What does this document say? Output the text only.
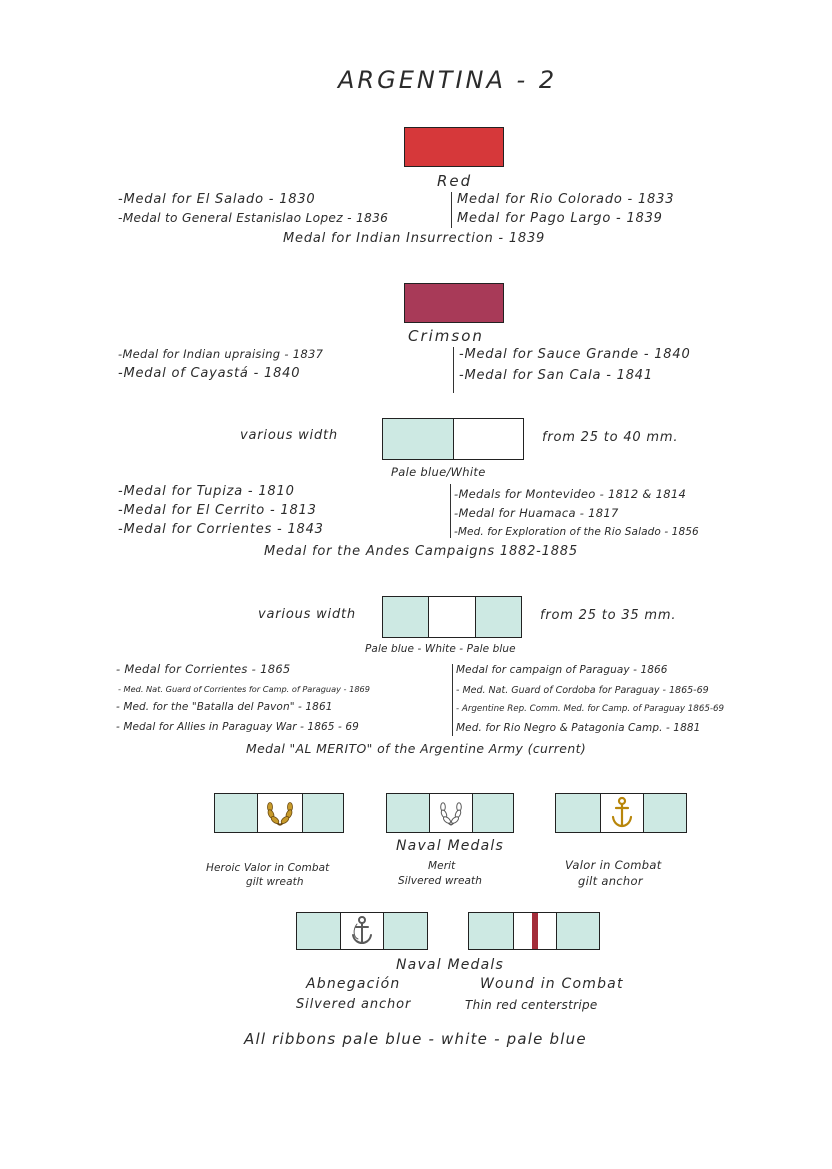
ARGENTINA - 2
Red
-Medal for El Salado - 1830
-Medal to General Estanislao Lopez - 1836
Medal for Rio Colorado - 1833
Medal for Pago Largo - 1839
Medal for Indian Insurrection - 1839
Crimson
-Medal for Indian upraising - 1837
-Medal of Cayastá - 1840
-Medal for Sauce Grande - 1840
-Medal for San Cala - 1841
various width	from 25 to 40 mm.
Pale blue/White
-Medal for Tupiza - 1810
-Medal for El Cerrito - 1813
-Medal for Corrientes - 1843
-Medals for Montevideo - 1812 & 1814
-Medal for Huamaca - 1817
-Med. for Exploration of the Rio Salado - 1856
Medal for the Andes Campaigns 1882-1885
various width	from 25 to 35 mm.
Pale blue - White - Pale blue
- Medal for Corrientes - 1865
- Med. Nat. Guard of Corrientes for Camp. of Paraguay - 1869
- Med. for the "Batalla del Pavon" - 1861
- Medal for Allies in Paraguay War - 1865 - 69
Medal for campaign of Paraguay - 1866
- Med. Nat. Guard of Cordoba for Paraguay - 1865-69
- Argentine Rep. Comm. Med. for Camp. of Paraguay 1865-69
Med. for Rio Negro & Patagonia Camp. - 1881
Medal "AL MERITO" of the Argentine Army (current)
Naval Medals
Heroic Valor in Combat
gilt wreath
Merit
Silvered wreath
Valor in Combat
gilt anchor
Naval Medals
Abnegación
Silvered anchor
Wound in Combat
Thin red centerstripe
All ribbons pale blue - white - pale blue
